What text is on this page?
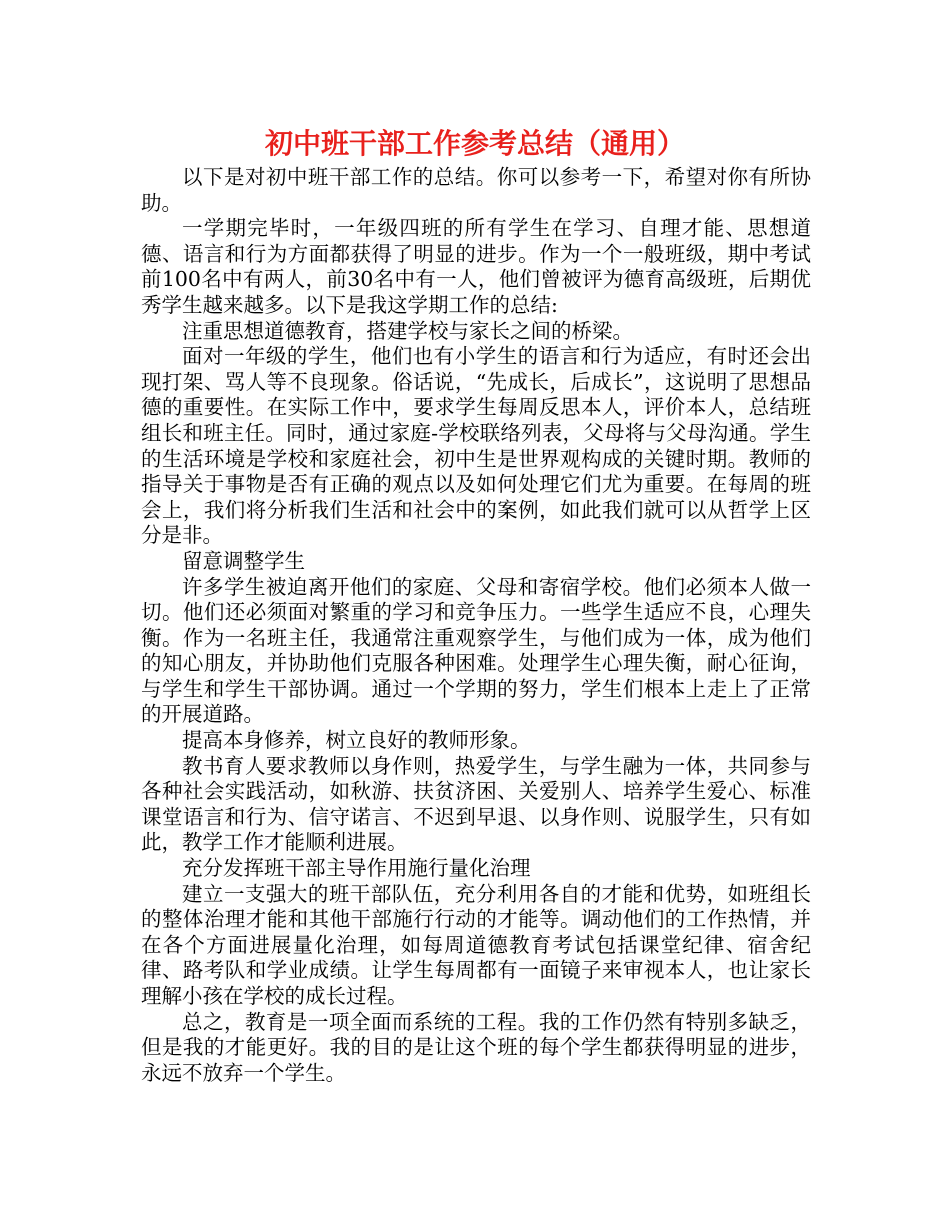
初中班干部工作参考总结（通用）

以下是对初中班干部工作的总结。你可以参考一下，希望对你有所协助。

一学期完毕时，一年级四班的所有学生在学习、自理才能、思想道德、语言和行为方面都获得了明显的进步。作为一个一般班级，期中考试前100名中有两人，前30名中有一人，他们曾被评为德育高级班，后期优秀学生越来越多。以下是我这学期工作的总结:

注重思想道德教育，搭建学校与家长之间的桥梁。

面对一年级的学生，他们也有小学生的语言和行为适应，有时还会出现打架、骂人等不良现象。俗话说，“先成长，后成长”，这说明了思想品德的重要性。在实际工作中，要求学生每周反思本人，评价本人，总结班组长和班主任。同时，通过家庭-学校联络列表，父母将与父母沟通。学生的生活环境是学校和家庭社会，初中生是世界观构成的关键时期。教师的指导关于事物是否有正确的观点以及如何处理它们尤为重要。在每周的班会上，我们将分析我们生活和社会中的案例，如此我们就可以从哲学上区分是非。

留意调整学生

许多学生被迫离开他们的家庭、父母和寄宿学校。他们必须本人做一切。他们还必须面对繁重的学习和竞争压力。一些学生适应不良，心理失衡。作为一名班主任，我通常注重观察学生，与他们成为一体，成为他们的知心朋友，并协助他们克服各种困难。处理学生心理失衡，耐心征询，与学生和学生干部协调。通过一个学期的努力，学生们根本上走上了正常的开展道路。

提高本身修养，树立良好的教师形象。

教书育人要求教师以身作则，热爱学生，与学生融为一体，共同参与各种社会实践活动，如秋游、扶贫济困、关爱别人、培养学生爱心、标准课堂语言和行为、信守诺言、不迟到早退、以身作则、说服学生，只有如此，教学工作才能顺利进展。

充分发挥班干部主导作用施行量化治理

建立一支强大的班干部队伍，充分利用各自的才能和优势，如班组长的整体治理才能和其他干部施行行动的才能等。调动他们的工作热情，并在各个方面进展量化治理，如每周道德教育考试包括课堂纪律、宿舍纪律、路考队和学业成绩。让学生每周都有一面镜子来审视本人，也让家长理解小孩在学校的成长过程。

总之，教育是一项全面而系统的工程。我的工作仍然有特别多缺乏，但是我的才能更好。我的目的是让这个班的每个学生都获得明显的进步，永远不放弃一个学生。
